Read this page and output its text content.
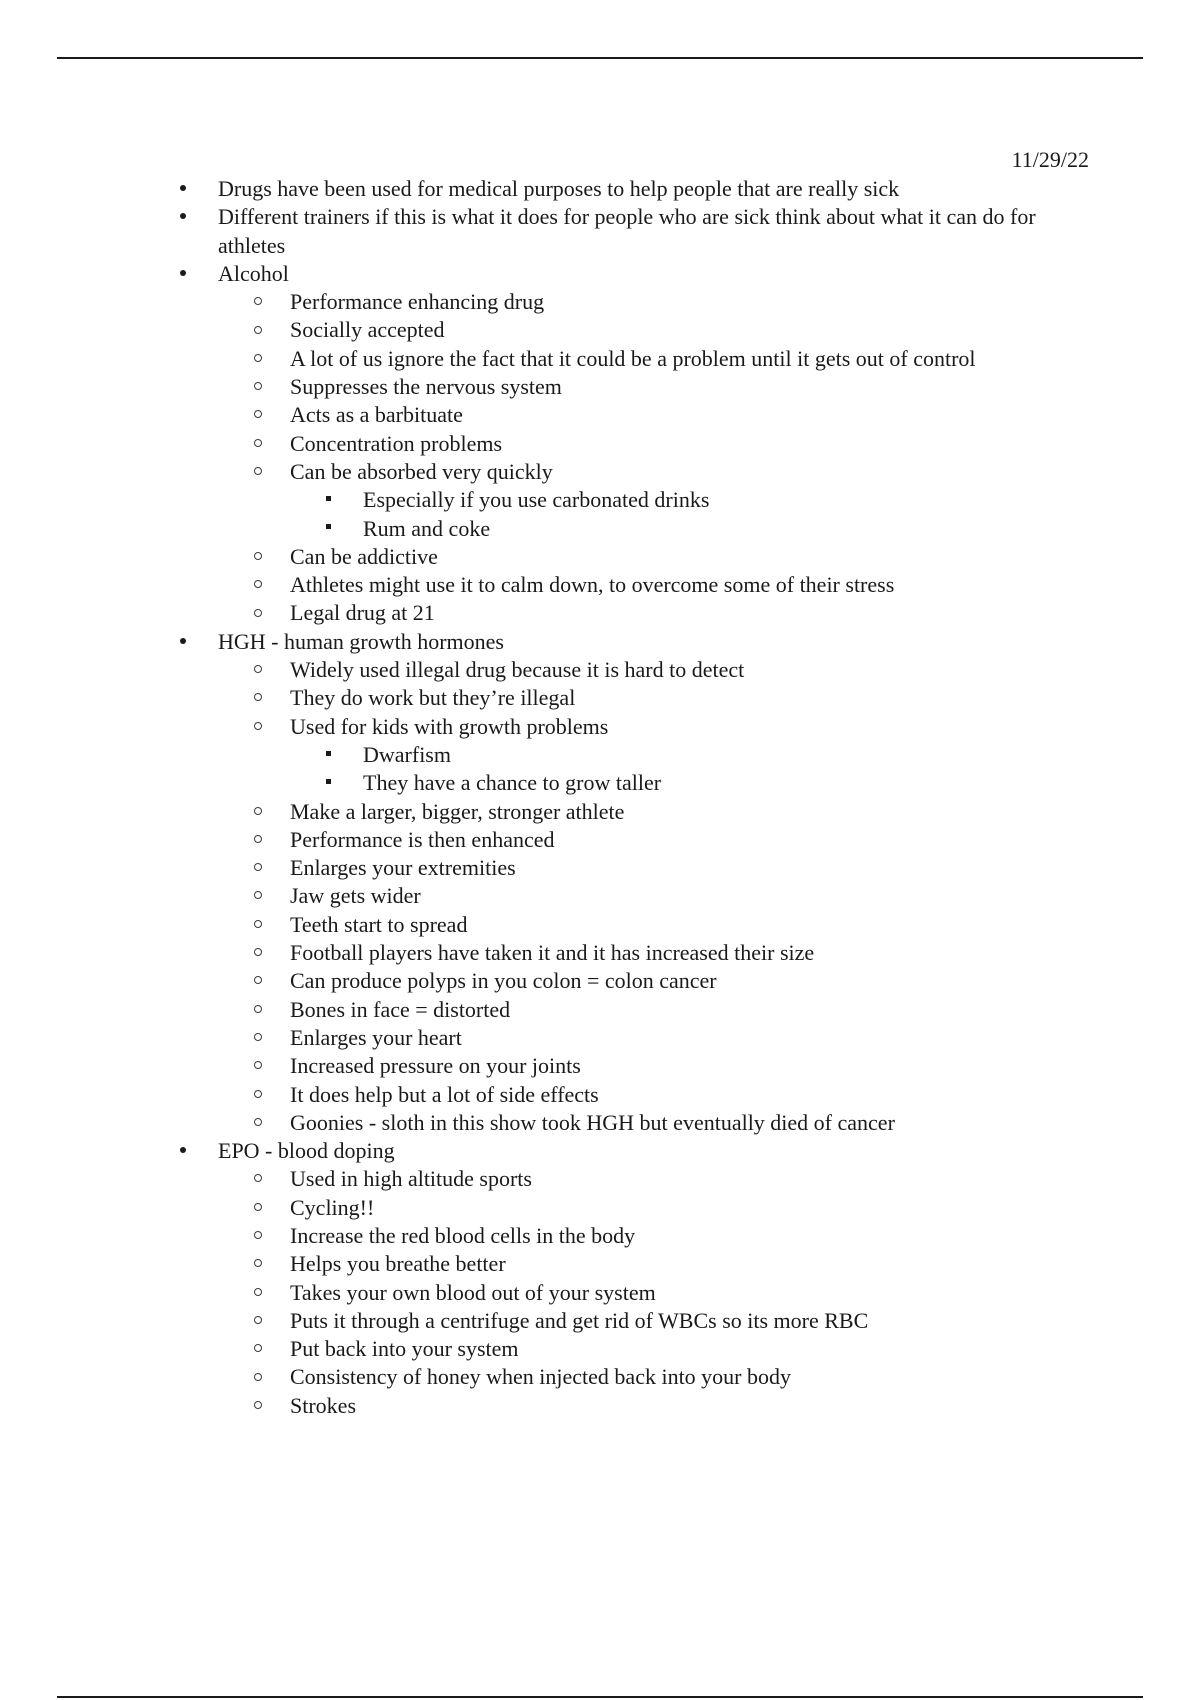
11/29/22
Drugs have been used for medical purposes to help people that are really sick
Different trainers if this is what it does for people who are sick think about what it can do for athletes
Alcohol
Performance enhancing drug
Socially accepted
A lot of us ignore the fact that it could be a problem until it gets out of control
Suppresses the nervous system
Acts as a barbituate
Concentration problems
Can be absorbed very quickly
Especially if you use carbonated drinks
Rum and coke
Can be addictive
Athletes might use it to calm down, to overcome some of their stress
Legal drug at 21
HGH - human growth hormones
Widely used illegal drug because it is hard to detect
They do work but they’re illegal
Used for kids with growth problems
Dwarfism
They have a chance to grow taller
Make a larger, bigger, stronger athlete
Performance is then enhanced
Enlarges your extremities
Jaw gets wider
Teeth start to spread
Football players have taken it and it has increased their size
Can produce polyps in you colon = colon cancer
Bones in face = distorted
Enlarges your heart
Increased pressure on your joints
It does help but a lot of side effects
Goonies - sloth in this show took HGH but eventually died of cancer
EPO - blood doping
Used in high altitude sports
Cycling!!
Increase the red blood cells in the body
Helps you breathe better
Takes your own blood out of your system
Puts it through a centrifuge and get rid of WBCs so its more RBC
Put back into your system
Consistency of honey when injected back into your body
Strokes
